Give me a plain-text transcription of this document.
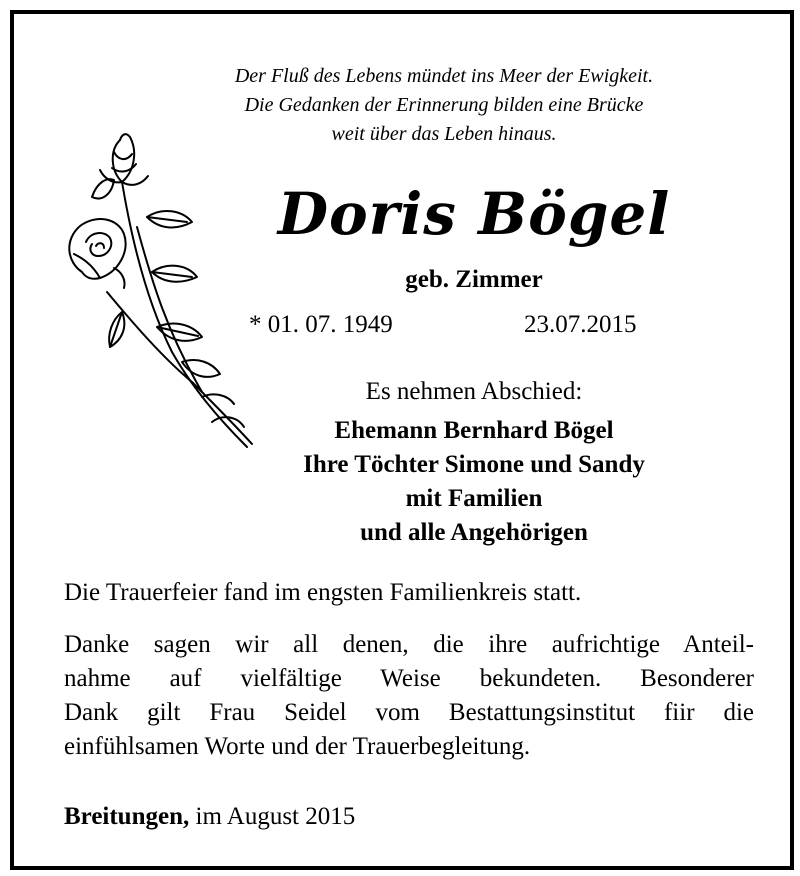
Der Fluß des Lebens mündet ins Meer der Ewigkeit.
Die Gedanken der Erinnerung bilden eine Brücke
weit über das Leben hinaus.
Doris Bögel
geb. Zimmer
* 01. 07. 1949	23.07.2015
Es nehmen Abschied:
Ehemann Bernhard Bögel
Ihre Töchter Simone und Sandy
mit Familien
und alle Angehörigen
Die Trauerfeier fand im engsten Familienkreis statt.
Danke sagen wir all denen, die ihre aufrichtige Anteil-
nahme auf vielfältige Weise bekundeten. Besonderer
Dank gilt Frau Seidel vom Bestattungsinstitut fiir die
einfühlsamen Worte und der Trauerbegleitung.
Breitungen, im August 2015
